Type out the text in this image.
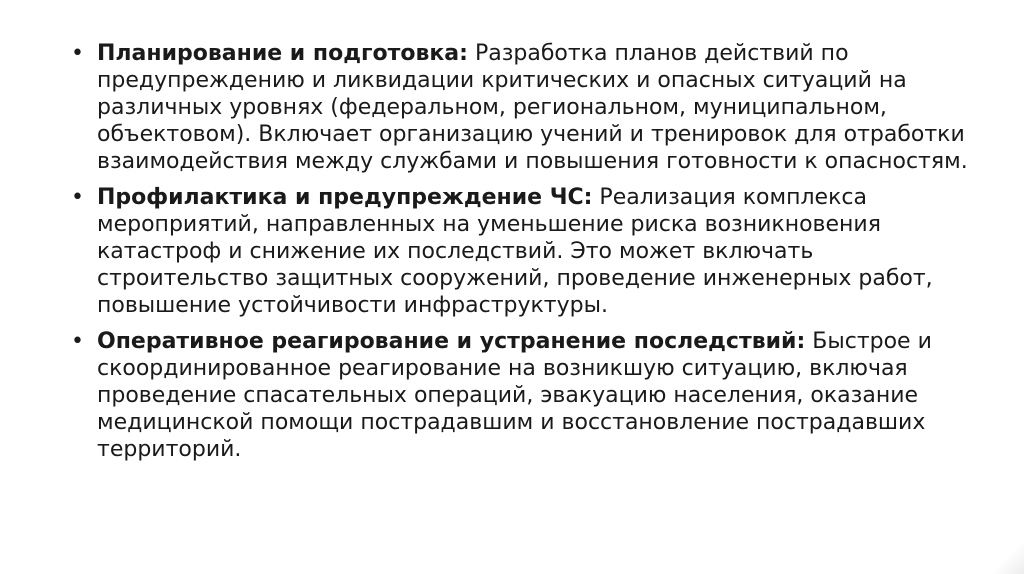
• Планирование и подготовка: Разработка планов действий по предупреждению и ликвидации критических и опасных ситуаций на различных уровнях (федеральном, региональном, муниципальном, объектовом). Включает организацию учений и тренировок для отработки взаимодействия между службами и повышения готовности к опасностям.
• Профилактика и предупреждение ЧС: Реализация комплекса мероприятий, направленных на уменьшение риска возникновения катастроф и снижение их последствий. Это может включать строительство защитных сооружений, проведение инженерных работ, повышение устойчивости инфраструктуры.
• Оперативное реагирование и устранение последствий: Быстрое и скоординированное реагирование на возникшую ситуацию, включая проведение спасательных операций, эвакуацию населения, оказание медицинской помощи пострадавшим и восстановление пострадавших территорий.
